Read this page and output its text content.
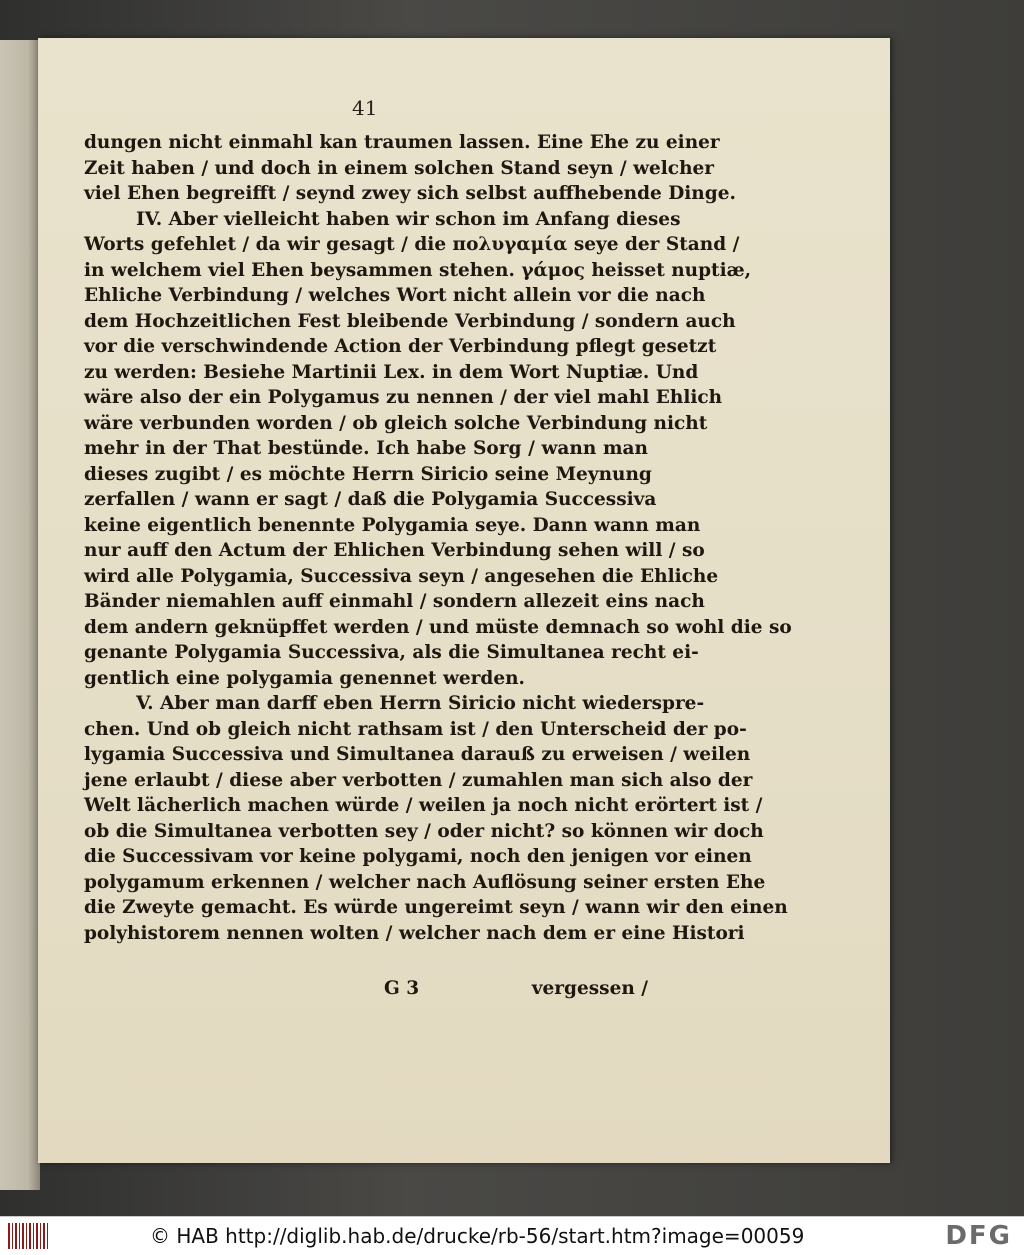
41
dungen nicht einmahl kan traumen lassen. Eine Ehe zu einer
Zeit haben / und doch in einem solchen Stand seyn / welcher
viel Ehen begreifft / seynd zwey sich selbst auffhebende Dinge.
IV. Aber vielleicht haben wir schon im Anfang dieses
Worts gefehlet / da wir gesagt / die πολυγαμία seye der Stand /
in welchem viel Ehen beysammen stehen. γάμος heisset nuptiæ,
Ehliche Verbindung / welches Wort nicht allein vor die nach
dem Hochzeitlichen Fest bleibende Verbindung / sondern auch
vor die verschwindende Action der Verbindung pflegt gesetzt
zu werden: Besiehe Martinii Lex. in dem Wort Nuptiæ. Und
wäre also der ein Polygamus zu nennen / der viel mahl Ehlich
wäre verbunden worden / ob gleich solche Verbindung nicht
mehr in der That bestünde. Ich habe Sorg / wann man
dieses zugibt / es möchte Herrn Siricio seine Meynung
zerfallen / wann er sagt / daß die Polygamia Successiva
keine eigentlich benennte Polygamia seye. Dann wann man
nur auff den Actum der Ehlichen Verbindung sehen will / so
wird alle Polygamia, Successiva seyn / angesehen die Ehliche
Bänder niemahlen auff einmahl / sondern allezeit eins nach
dem andern geknüpffet werden / und müste demnach so wohl die so
genante Polygamia Successiva, als die Simultanea recht ei-
gentlich eine polygamia genennet werden.
V. Aber man darff eben Herrn Siricio nicht wiederspre-
chen. Und ob gleich nicht rathsam ist / den Unterscheid der po-
lygamia Successiva und Simultanea darauß zu erweisen / weilen
jene erlaubt / diese aber verbotten / zumahlen man sich also der
Welt lächerlich machen würde / weilen ja noch nicht erörtert ist /
ob die Simultanea verbotten sey / oder nicht? so können wir doch
die Successivam vor keine polygami, noch den jenigen vor einen
polygamum erkennen / welcher nach Auflösung seiner ersten Ehe
die Zweyte gemacht. Es würde ungereimt seyn / wann wir den einen
polyhistorem nennen wolten / welcher nach dem er eine Histori
G 3	vergessen /
© HAB http://diglib.hab.de/drucke/rb-56/start.htm?image=00059	DFG
